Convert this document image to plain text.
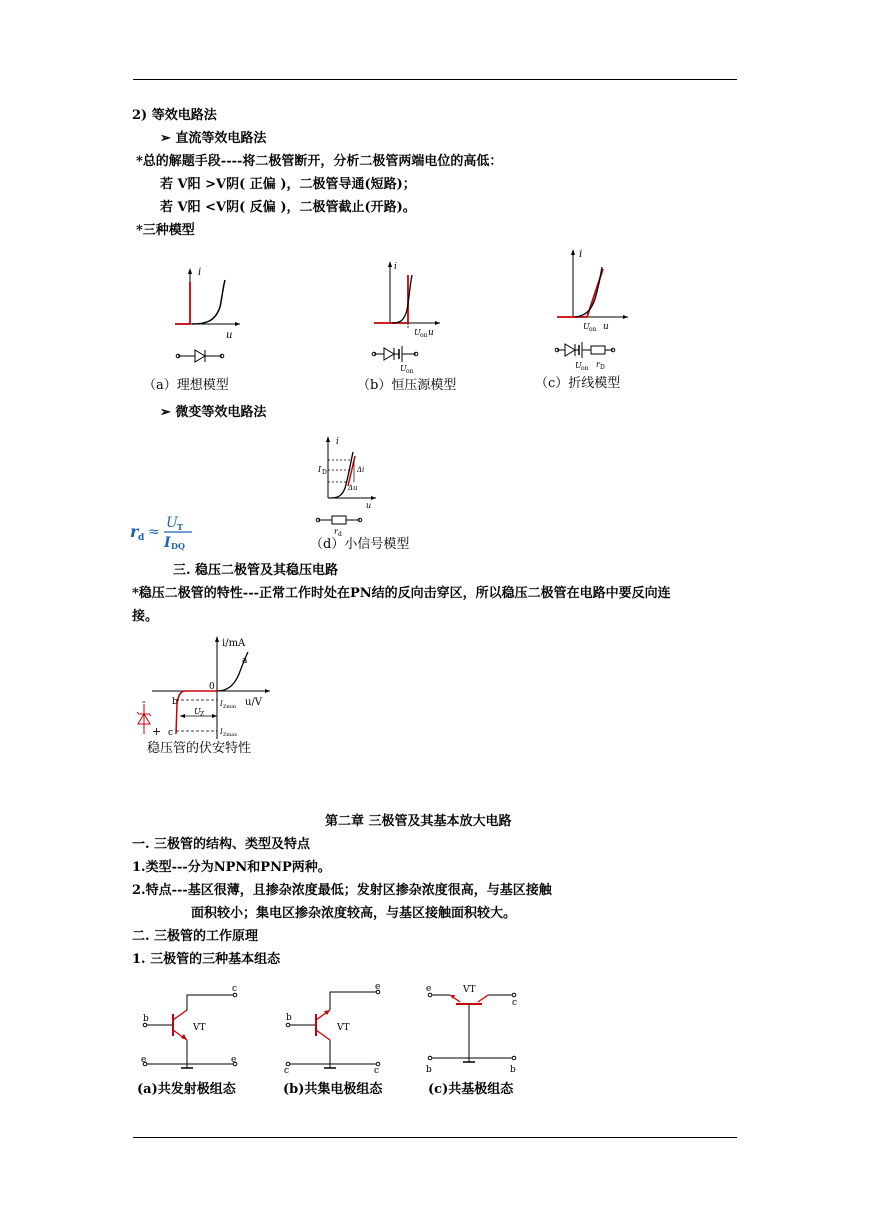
2) 等效电路法
➢ 直流等效电路法
*总的解题手段----将二极管断开，分析二极管两端电位的高低：
若 V阳 >V阴( 正偏 )，二极管导通(短路)；
若 V阳 <V阴( 反偏 )，二极管截止(开路)。
*三种模型
i
u
（a）理想模型
i
U on u
U on
（b）恒压源模型
i
U on u
U on r D
（c）折线模型
➢ 微变等效电路法
i
u
I D	Δi
Δu
r d
（d）小信号模型
r d ≈
U T
I DQ
三. 稳压二极管及其稳压电路
*稳压二极管的特性---正常工作时处在PN结的反向击穿区，所以稳压二极管在电路中要反向连
接。
i/mA
u/V
0
a
b
c
U Z
I Zmin
I Zmax
-
+
稳压管的伏安特性
第二章 三极管及其基本放大电路
一. 三极管的结构、类型及特点
1.类型---分为NPN和PNP两种。
2.特点---基区很薄，且掺杂浓度最低；发射区掺杂浓度很高，与基区接触
面积较小；集电区掺杂浓度较高，与基区接触面积较大。
二. 三极管的工作原理
1. 三极管的三种基本组态
b
c
VT
e	e
(a)共发射极组态
b
e
VT
c	c
(b)共集电极组态
e	VT
c
b	b
(c)共基极组态
